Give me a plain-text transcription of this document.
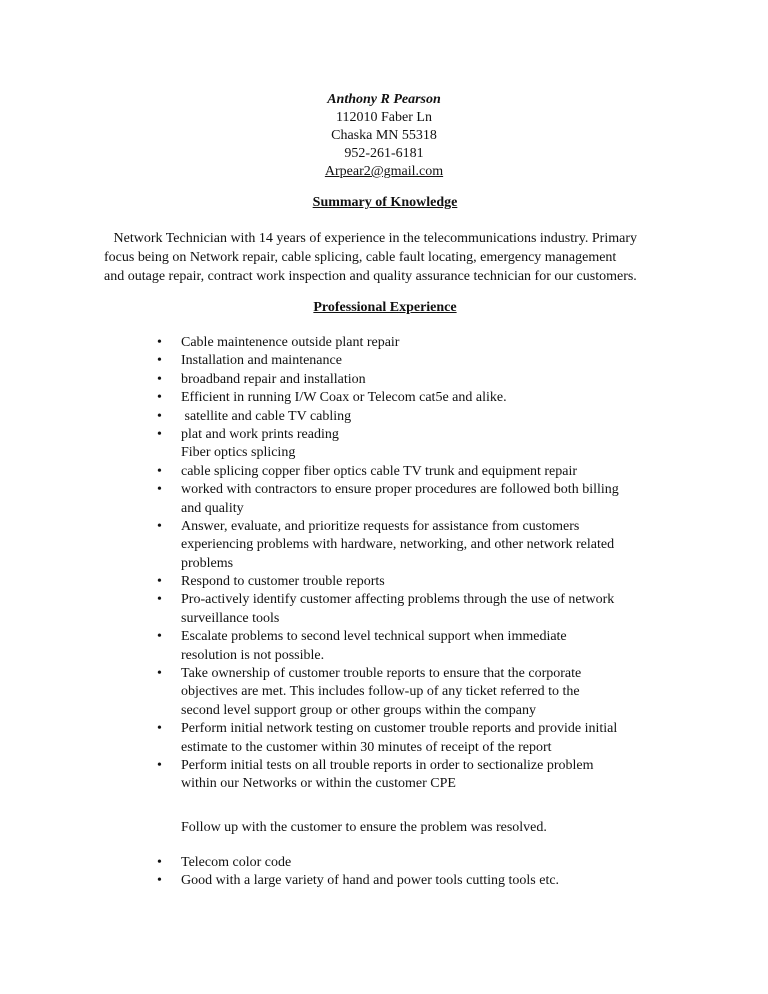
Anthony R Pearson
112010 Faber Ln
Chaska MN 55318
952-261-6181
Arpear2@gmail.com
Summary of Knowledge
Network Technician with 14 years of experience in the telecommunications industry. Primary
focus being on Network repair, cable splicing, cable fault locating, emergency management
and outage repair, contract work inspection and quality assurance technician for our customers.
Professional Experience
• Cable maintenence outside plant repair
• Installation and maintenance
• broadband repair and installation
• Efficient in running I/W Coax or Telecom cat5e and alike.
• satellite and cable TV cabling
• plat and work prints reading
Fiber optics splicing
• cable splicing copper fiber optics cable TV trunk and equipment repair
• worked with contractors to ensure proper procedures are followed both billing
and quality
• Answer, evaluate, and prioritize requests for assistance from customers
experiencing problems with hardware, networking, and other network related
problems
• Respond to customer trouble reports
• Pro-actively identify customer affecting problems through the use of network
surveillance tools
• Escalate problems to second level technical support when immediate
resolution is not possible.
• Take ownership of customer trouble reports to ensure that the corporate
objectives are met. This includes follow-up of any ticket referred to the
second level support group or other groups within the company
• Perform initial network testing on customer trouble reports and provide initial
estimate to the customer within 30 minutes of receipt of the report
• Perform initial tests on all trouble reports in order to sectionalize problem
within our Networks or within the customer CPE
Follow up with the customer to ensure the problem was resolved.
• Telecom color code
• Good with a large variety of hand and power tools cutting tools etc.
